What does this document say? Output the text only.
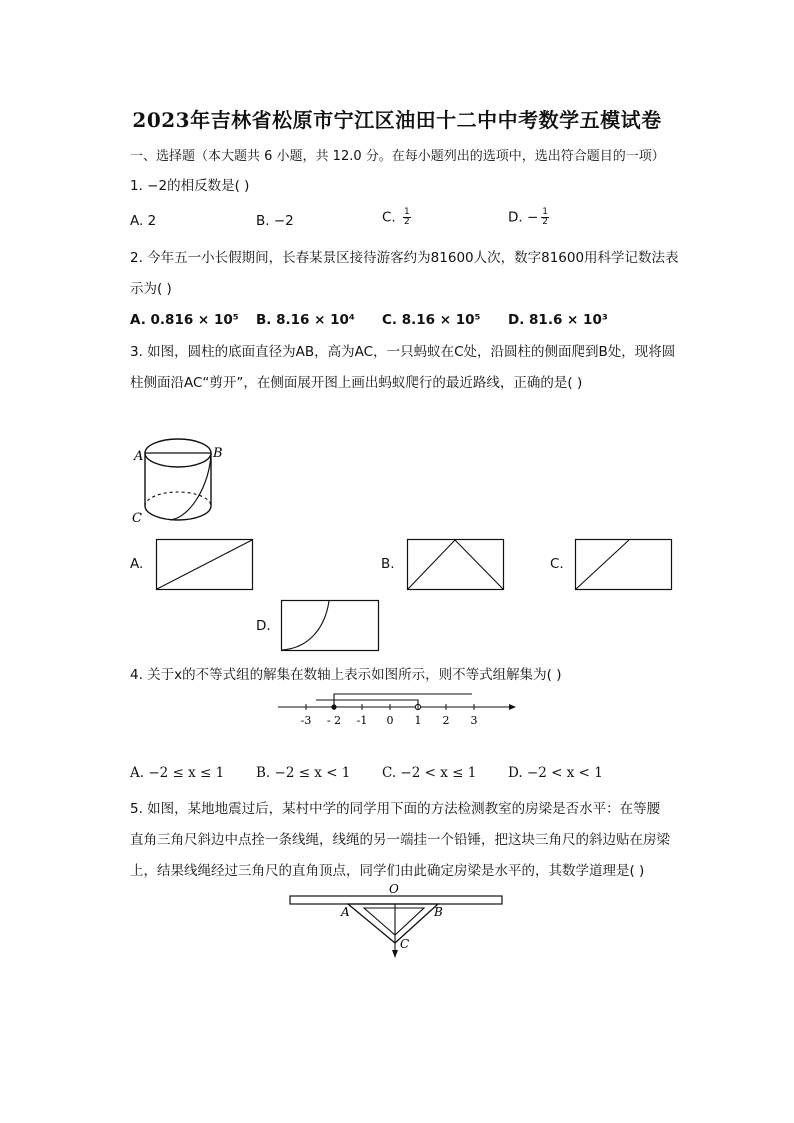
2023年吉林省松原市宁江区油田十二中中考数学五模试卷
一、选择题（本大题共 6 小题，共 12.0 分。在每小题列出的选项中，选出符合题目的一项）
1. −2的相反数是( )
A. 2	B. −2	C. $\frac{1}{2}$	D. − $\frac{1}{2}$
2. 今年五一小长假期间，长春某景区接待游客约为81600人次，数字81600用科学记数法表
示为( )
A. 0.816 × 10⁵ B. 8.16 × 10⁴ C. 8.16 × 10⁵ D. 81.6 × 10³
3. 如图，圆柱的底面直径为AB，高为AC，一只蚂蚁在C处，沿圆柱的侧面爬到B处，现将圆
柱侧面沿AC“剪开”，在侧面展开图上画出蚂蚁爬行的最近路线，正确的是( )
A	B
C
A.	B.	C.
D.
4. 关于x的不等式组的解集在数轴上表示如图所示，则不等式组解集为( )
-3 - 2 -1 0 1 2 3
A. −2 ≤ x ≤ 1 B. −2 ≤ x < 1 C. −2 < x ≤ 1 D. −2 < x < 1
5. 如图，某地地震过后，某村中学的同学用下面的方法检测教室的房梁是否水平：在等腰
直角三角尺斜边中点拴一条线绳，线绳的另一端挂一个铅锤，把这块三角尺的斜边贴在房梁
上，结果线绳经过三角尺的直角顶点，同学们由此确定房梁是水平的，其数学道理是( )
O
A	B
C
